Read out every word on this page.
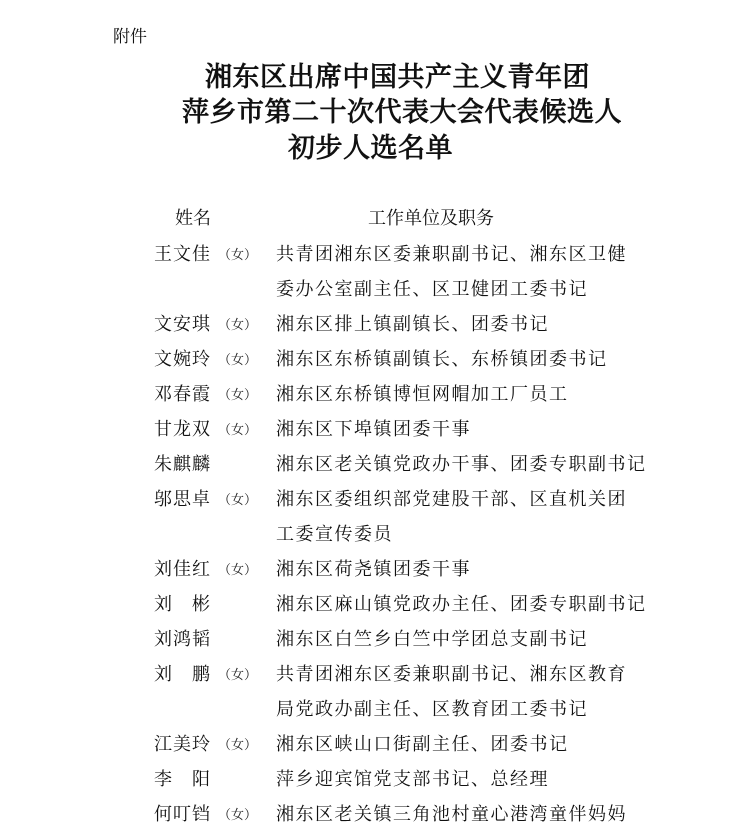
附件
湘东区出席中国共产主义青年团
萍乡市第二十次代表大会代表候选人
初步人选名单
姓名	工作单位及职务
王文佳 （女） 共青团湘东区委兼职副书记、湘东区卫健
委办公室副主任、区卫健团工委书记
文安琪 （女） 湘东区排上镇副镇长、团委书记
文婉玲 （女） 湘东区东桥镇副镇长、东桥镇团委书记
邓春霞 （女） 湘东区东桥镇博恒网帽加工厂员工
甘龙双 （女） 湘东区下埠镇团委干事
朱麒麟	湘东区老关镇党政办干事、团委专职副书记
邬思卓 （女） 湘东区委组织部党建股干部、区直机关团
工委宣传委员
刘佳红 （女） 湘东区荷尧镇团委干事
刘　彬	湘东区麻山镇党政办主任、团委专职副书记
刘鸿韬	湘东区白竺乡白竺中学团总支副书记
刘　鹏 （女） 共青团湘东区委兼职副书记、湘东区教育
局党政办副主任、区教育团工委书记
江美玲 （女） 湘东区峡山口街副主任、团委书记
李　阳	萍乡迎宾馆党支部书记、总经理
何叮铛 （女） 湘东区老关镇三角池村童心港湾童伴妈妈
